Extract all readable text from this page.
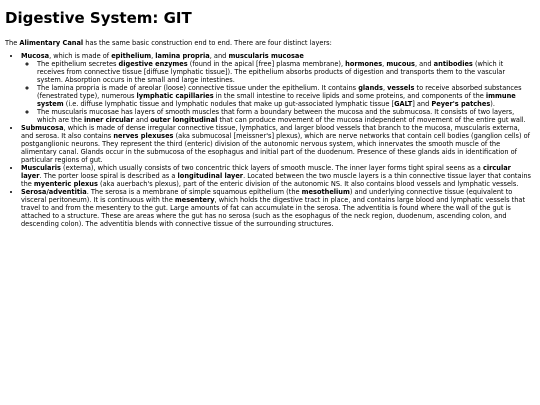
Digestive System: GIT

The Alimentary Canal has the same basic construction end to end. There are four distinct layers:

• Mucosa, which is made of epithelium, lamina propria, and muscularis mucosae
◦ The epithelium secretes digestive enzymes (found in the apical [free] plasma membrane), hormones, mucous, and antibodies (which it receives from connective tissue [diffuse lymphatic tissue]). The epithelium absorbs products of digestion and transports them to the vascular system. Absorption occurs in the small and large intestines.
◦ The lamina propria is made of areolar (loose) connective tissue under the epithelium. It contains glands, vessels to receive absorbed substances (fenestrated type), numerous lymphatic capillaries in the small intestine to receive lipids and some proteins, and components of the immune system (i.e. diffuse lymphatic tissue and lymphatic nodules that make up gut-associated lymphatic tissue [GALT] and Peyer's patches).
◦ The muscularis mucosae has layers of smooth muscles that form a boundary between the mucosa and the submucosa. It consists of two layers, which are the inner circular and outer longitudinal that can produce movement of the mucosa independent of movement of the entire gut wall.
• Submucosa, which is made of dense irregular connective tissue, lymphatics, and larger blood vessels that branch to the mucosa, muscularis externa, and serosa. It also contains nerves plexuses (aka submucosal [meissner's] plexus), which are nerve networks that contain cell bodies (ganglion cells) of postganglionic neurons. They represent the third (enteric) division of the autonomic nervous system, which innervates the smooth muscle of the alimentary canal. Glands occur in the submucosa of the esophagus and initial part of the duodenum. Presence of these glands aids in identification of particular regions of gut.
• Muscularis (externa), which usually consists of two concentric thick layers of smooth muscle. The inner layer forms tight spiral seens as a circular layer. The porter loose spiral is described as a longitudinal layer. Located between the two muscle layers is a thin connective tissue layer that contains the myenteric plexus (aka auerbach's plexus), part of the enteric division of the autonomic NS. It also contains blood vessels and lymphatic vessels.
• Serosa/adventitia. The serosa is a membrane of simple squamous epithelium (the mesothelium) and underlying connective tissue (equivalent to visceral peritoneum). It is continuous with the mesentery, which holds the digestive tract in place, and contains large blood and lymphatic vessels that travel to and from the mesentery to the gut. Large amounts of fat can accumulate in the serosa. The adventitia is found where the wall of the gut is attached to a structure. These are areas where the gut has no serosa (such as the esophagus of the neck region, duodenum, ascending colon, and descending colon). The adventitia blends with connective tissue of the surrounding structures.
